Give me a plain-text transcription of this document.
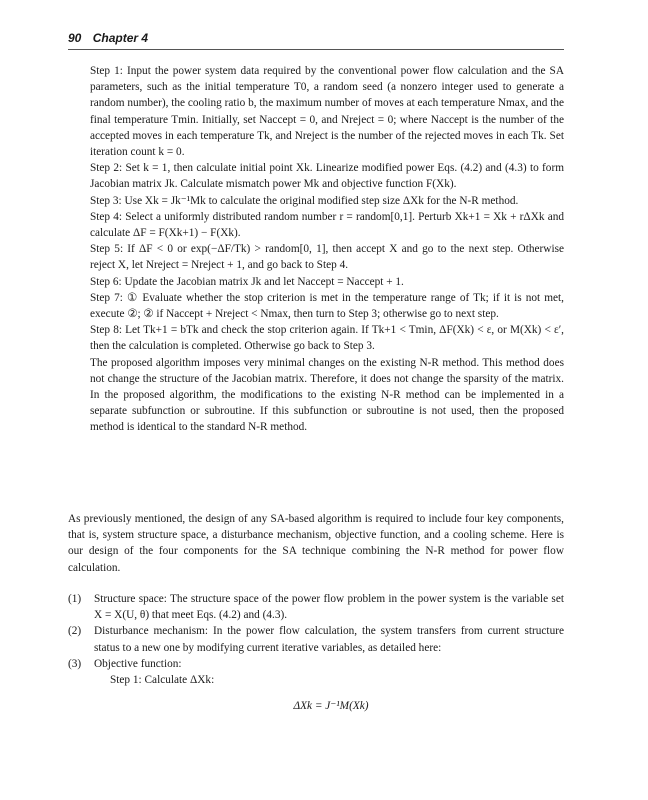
90 Chapter 4

Step 1: Input the power system data required by the conventional power flow calculation and the SA parameters, such as the initial temperature T0, a random seed (a nonzero integer used to generate a random number), the cooling ratio b, the maximum number of moves at each temperature Nmax, and the final temperature Tmin. Initially, set Naccept = 0, and Nreject = 0; where Naccept is the number of the accepted moves in each temperature Tk, and Nreject is the number of the rejected moves in each Tk. Set iteration count k = 0.

Step 2: Set k = 1, then calculate initial point Xk. Linearize modified power Eqs. (4.2) and (4.3) to form Jacobian matrix Jk. Calculate mismatch power Mk and objective function F(Xk).

Step 3: Use Xk = Jk⁻¹Mk to calculate the original modified step size ΔXk for the N-R method.

Step 4: Select a uniformly distributed random number r = random[0,1]. Perturb Xk+1 = Xk + rΔXk and calculate ΔF = F(Xk+1) − F(Xk).

Step 5: If ΔF < 0 or exp(−ΔF/Tk) > random[0, 1], then accept X and go to the next step. Otherwise reject X, let Nreject = Nreject + 1, and go back to Step 4.

Step 6: Update the Jacobian matrix Jk and let Naccept = Naccept + 1.

Step 7: ① Evaluate whether the stop criterion is met in the temperature range of Tk; if it is not met, execute ②; ② if Naccept + Nreject < Nmax, then turn to Step 3; otherwise go to next step.

Step 8: Let Tk+1 = bTk and check the stop criterion again. If Tk+1 < Tmin, ΔF(Xk) < ε, or M(Xk) < ε′, then the calculation is completed. Otherwise go back to Step 3.

The proposed algorithm imposes very minimal changes on the existing N-R method. This method does not change the structure of the Jacobian matrix. Therefore, it does not change the sparsity of the matrix. In the proposed algorithm, the modifications to the existing N-R method can be implemented in a separate subfunction or subroutine. If this subfunction or subroutine is not used, then the proposed method is identical to the standard N-R method.

As previously mentioned, the design of any SA-based algorithm is required to include four key components, that is, system structure space, a disturbance mechanism, objective function, and a cooling scheme. Here is our design of the four components for the SA technique combining the N-R method for power flow calculation.

(1)	Structure space: The structure space of the power flow problem in the power system is the variable set X = X(U, θ) that meet Eqs. (4.2) and (4.3).
(2)	Disturbance mechanism: In the power flow calculation, the system transfers from current structure status to a new one by modifying current iterative variables, as detailed here:
(3)	Objective function:

Step 1: Calculate ΔXk:

ΔXk = J⁻¹M(Xk)
